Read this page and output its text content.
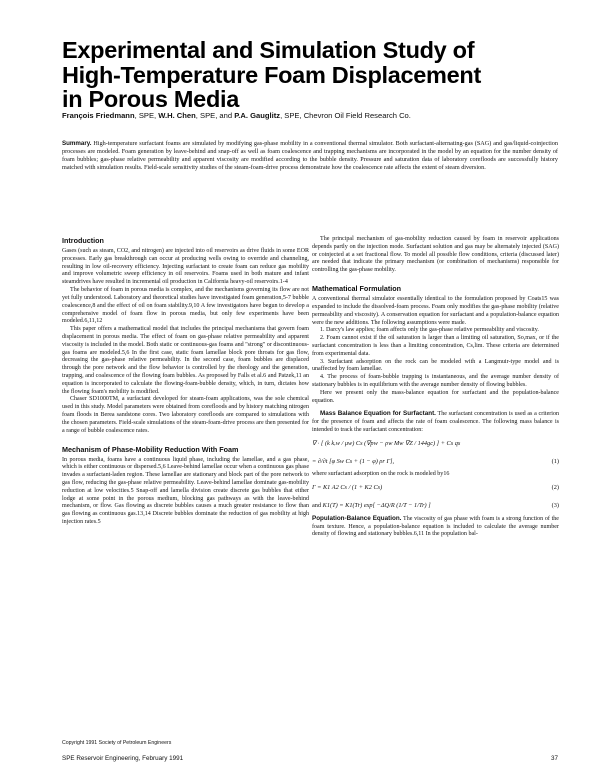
Experimental and Simulation Study of
High-Temperature Foam Displacement
in Porous Media
François Friedmann, SPE, W.H. Chen, SPE, and P.A. Gauglitz, SPE, Chevron Oil Field Research Co.
Summary. High-temperature surfactant foams are simulated by modifying gas-phase mobility in a conventional thermal simulator. Both surfactant-alternating-gas (SAG) and gas/liquid-coinjection processes are modeled. Foam generation by leave-behind and snap-off as well as foam coalescence and trapping mechanisms are incorporated in the model by an equation for the number density of foam bubbles; gas-phase relative permeability and apparent viscosity are modified according to the bubble density. Pressure and saturation data of laboratory corefloods are successfully history matched with simulation results. Field-scale sensitivity studies of the steam-foam-drive process demonstrate how the coalescence rate affects the extent of steam diversion.
Introduction

Gases (such as steam, CO2, and nitrogen) are injected into oil reservoirs as drive fluids in some EOR processes. Early gas breakthrough can occur at producing wells owing to override and channeling, resulting in low oil-recovery efficiency. Injecting surfactant to create foam can reduce gas mobility and improve volumetric sweep efficiency in oil reservoirs. Foams used in both mature and infant steamdrives have resulted in incremental oil production in California heavy-oil reservoirs.1-4

The behavior of foam in porous media is complex, and the mechanisms governing its flow are not yet fully understood. Laboratory and theoretical studies have investigated foam generation,5-7 bubble coalescence,8 and the effect of oil on foam stability.9,10 A few investigators have begun to develop a comprehensive model of foam flow in porous media, but only few experiments have been modeled.6,11,12

This paper offers a mathematical model that includes the principal mechanisms that govern foam displacement in porous media. The effect of foam on gas-phase relative permeability and apparent viscosity is included in the model. Both static or continuous-gas foams and "strong" or discontinuous-gas foams are modeled.5,6 In the first case, static foam lamellae block pore throats for gas flow, decreasing the gas-phase relative permeability. In the second case, foam bubbles are displaced through the pore network and the flow behavior is controlled by the rheology and the generation, trapping, and coalescence of the flowing foam bubbles. As proposed by Falls et al.6 and Patzek,11 an equation is incorporated to calculate the flowing-foam-bubble density, which, in turn, dictates how the flowing foam's mobility is modified.

Chaser SD1000TM, a surfactant developed for steam-foam applications, was the sole chemical used in this study. Model parameters were obtained from corefloods and by history matching nitrogen foam floods in Berea sandstone cores. Two laboratory corefloods are compared to simulations with the chosen parameters. Field-scale simulations of the steam-foam-drive process are then presented for a range of bubble coalescence rates.

Mechanism of Phase-Mobility Reduction With Foam

In porous media, foams have a continuous liquid phase, including the lamellae, and a gas phase, which is either continuous or dispersed.5,6 Leave-behind lamellae occur when a continuous gas phase invades a surfactant-laden region. These lamellae are stationary and block part of the pore network to gas flow, reducing the gas-phase relative permeability. Leave-behind lamellae dominate gas-mobility reduction at low velocities.5 Snap-off and lamella division create discrete gas bubbles that either lodge at some point in the porous medium, blocking gas pathways as with the leave-behind mechanism, or flow. Gas flowing as discrete bubbles causes a much greater resistance to flow than gas flowing as continuous gas.13,14 Discrete bubbles dominate the reduction of gas mobility at high injection rates.5

The principal mechanism of gas-mobility reduction caused by foam in reservoir applications depends partly on the injection mode. Surfactant solution and gas may be alternately injected (SAG) or coinjected at a set fractional flow. To model all possible flow conditions, criteria (discussed later) are needed that indicate the primary mechanism (or combination of mechanisms) responsible for controlling the gas-phase mobility.

Mathematical Formulation

A conventional thermal simulator essentially identical to the formulation proposed by Coats15 was expanded to include the dissolved-foam process. Foam only modifies the gas-phase mobility (relative permeability and viscosity). A conservation equation for surfactant and a population-balance equation were the new additions. The following assumptions were made.

1. Darcy's law applies; foam affects only the gas-phase relative permeability and viscosity.

2. Foam cannot exist if the oil saturation is larger than a limiting oil saturation, So,max, or if the surfactant concentration is less than a limiting concentration, Cs,lim. These criteria are determined from experimental data.

3. Surfactant adsorption on the rock can be modeled with a Langmuir-type model and is unaffected by foam lamellae.

4. The process of foam-bubble trapping is instantaneous, and the average number density of stationary bubbles is in equilibrium with the average number density of flowing bubbles.

Here we present only the mass-balance equation for surfactant and the population-balance equation.

Mass Balance Equation for Surfactant. The surfactant concentration is used as a criterion for the presence of foam and affects the rate of foam coalescence. The following mass balance is intended to track the surfactant concentration:

∇ · [ (k kᵣw / μw) Cs (∇pw − ρw Mw ∇Z / 144gc) ] + Cs qs
= ∂/∂t [φ Sw Cs + (1 − φ) ρr Γ],	(1)

where surfactant adsorption on the rock is modeled by16

Γ = K1 A2 Cs / (1 + K2 Cs)	(2)
and K1(T) = K1(Tr) exp[ −ΔQ/R (1/T − 1/Tr) ]	(3)

Population-Balance Equation. The viscosity of gas phase with foam is a strong function of the foam texture. Hence, a population-balance equation is included to calculate the average number density of flowing and stationary bubbles.6,11 In the population bal-

Copyright 1991 Society of Petroleum Engineers
SPE Reservoir Engineering, February 1991	37
